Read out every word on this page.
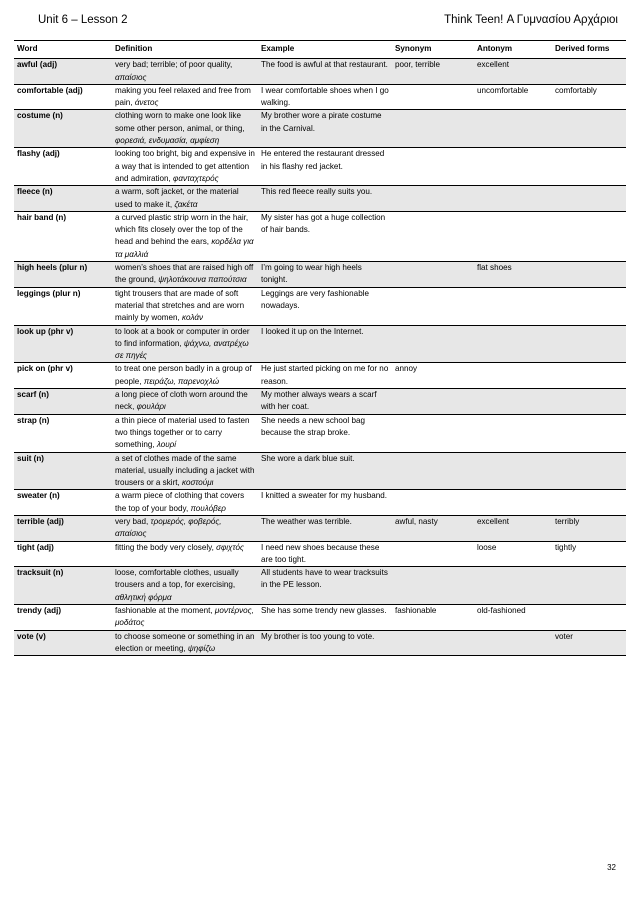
Unit 6 – Lesson 2	Think Teen! Α Γυμνασίου Αρχάριοι
Word	Definition	Example	Synonym	Antonym	Derived forms
awful (adj)	very bad; terrible; of poor quality, απαίσιος	The food is awful at that restaurant.	poor, terrible	excellent	
comfortable (adj)	making you feel relaxed and free from pain, άνετος	I wear comfortable shoes when I go walking.		uncomfortable	comfortably
costume (n)	clothing worn to make one look like some other person, animal, or thing, φορεσιά, ενδυμασία, αμφίεση	My brother wore a pirate costume in the Carnival.			
flashy (adj)	looking too bright, big and expensive in a way that is intended to get attention and admiration, φανταχτερός	He entered the restaurant dressed in his flashy red jacket.			
fleece (n)	a warm, soft jacket, or the material used to make it, ζακέτα	This red fleece really suits you.			
hair band (n)	a curved plastic strip worn in the hair, which fits closely over the top of the head and behind the ears, κορδέλα για τα μαλλιά	My sister has got a huge collection of hair bands.			
high heels (plur n)	women’s shoes that are raised high off the ground, ψηλοτάκουνα παπούτσια	I’m going to wear high heels tonight.		flat shoes	
leggings (plur n)	tight trousers that are made of soft material that stretches and are worn mainly by women, κολάν	Leggings are very fashionable nowadays.			
look up (phr v)	to look at a book or computer in order to find information, ψάχνω, ανατρέχω σε πηγές	I looked it up on the Internet.			
pick on (phr v)	to treat one person badly in a group of people, πειράζω, παρενοχλώ	He just started picking on me for no reason.	annoy		
scarf (n)	a long piece of cloth worn around the neck, φουλάρι	My mother always wears a scarf with her coat.			
strap (n)	a thin piece of material used to fasten two things together or to carry something, λουρί	She needs a new school bag because the strap broke.			
suit (n)	a set of clothes made of the same material, usually including a jacket with trousers or a skirt, κοστούμι	She wore a dark blue suit.			
sweater (n)	a warm piece of clothing that covers the top of your body, πουλόβερ	I knitted a sweater for my husband.			
terrible (adj)	very bad, τρομερός, φοβερός, απαίσιος	The weather was terrible.	awful, nasty	excellent	terribly
tight (adj)	fitting the body very closely, σφιχτός	I need new shoes because these are too tight.		loose	tightly
tracksuit (n)	loose, comfortable clothes, usually trousers and a top, for exercising, αθλητική φόρμα	All students have to wear tracksuits in the PE lesson.			
trendy (adj)	fashionable at the moment, μοντέρνος, μοδάτος	She has some trendy new glasses.	fashionable	old-fashioned	
vote (v)	to choose someone or something in an election or meeting, ψηφίζω	My brother is too young to vote.			voter
32
